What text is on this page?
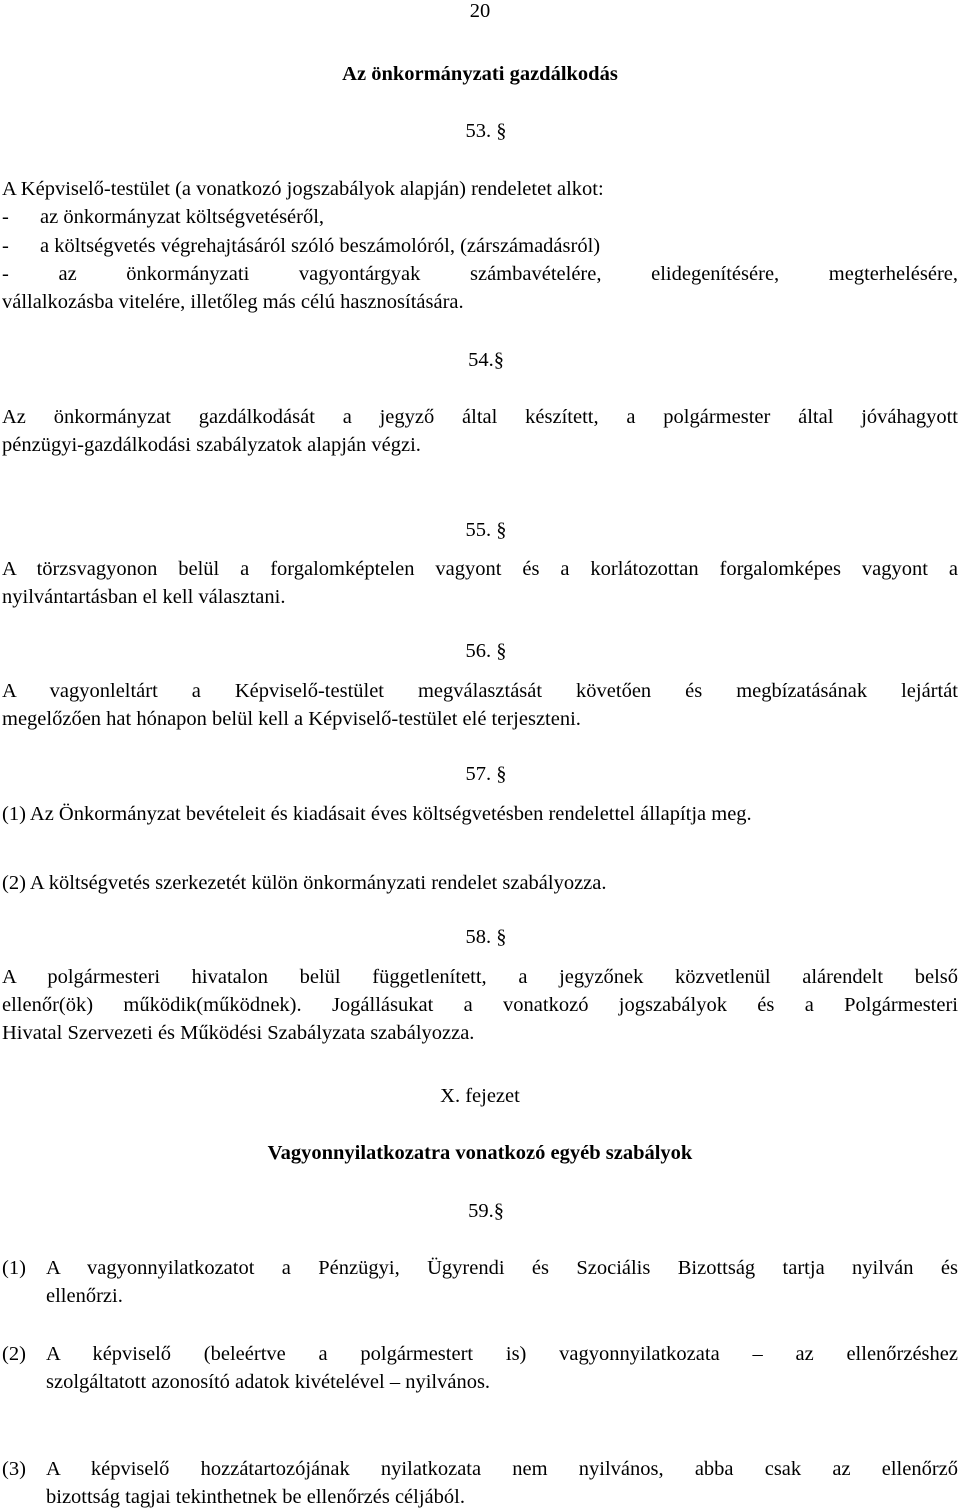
20
Az önkormányzati gazdálkodás
53. §
A Képviselő-testület (a vonatkozó jogszabályok alapján) rendeletet alkot:
- az önkormányzat költségvetéséről,
- a költségvetés végrehajtásáról szóló beszámolóról, (zárszámadásról)
- az önkormányzati vagyontárgyak számbavételére, elidegenítésére, megterhelésére,
vállalkozásba vitelére, illetőleg más célú hasznosítására.
54.§
Az önkormányzat gazdálkodását a jegyző által készített, a polgármester által jóváhagyott
pénzügyi-gazdálkodási szabályzatok alapján végzi.
55. §
A törzsvagyonon belül a forgalomképtelen vagyont és a korlátozottan forgalomképes vagyont a
nyilvántartásban el kell választani.
56. §
A vagyonleltárt a Képviselő-testület megválasztását követően és megbízatásának lejártát
megelőzően hat hónapon belül kell a Képviselő-testület elé terjeszteni.
57. §
(1) Az Önkormányzat bevételeit és kiadásait éves költségvetésben rendelettel állapítja meg.
(2) A költségvetés szerkezetét külön önkormányzati rendelet szabályozza.
58. §
A polgármesteri hivatalon belül függetlenített, a jegyzőnek közvetlenül alárendelt belső
ellenőr(ök) működik(működnek). Jogállásukat a vonatkozó jogszabályok és a Polgármesteri
Hivatal Szervezeti és Működési Szabályzata szabályozza.
X. fejezet
Vagyonnyilatkozatra vonatkozó egyéb szabályok
59.§
(1) A vagyonnyilatkozatot a Pénzügyi, Ügyrendi és Szociális Bizottság tartja nyilván és
ellenőrzi.
(2) A képviselő (beleértve a polgármestert is) vagyonnyilatkozata – az ellenőrzéshez
szolgáltatott azonosító adatok kivételével – nyilvános.
(3) A képviselő hozzátartozójának nyilatkozata nem nyilvános, abba csak az ellenőrző
bizottság tagjai tekinthetnek be ellenőrzés céljából.
